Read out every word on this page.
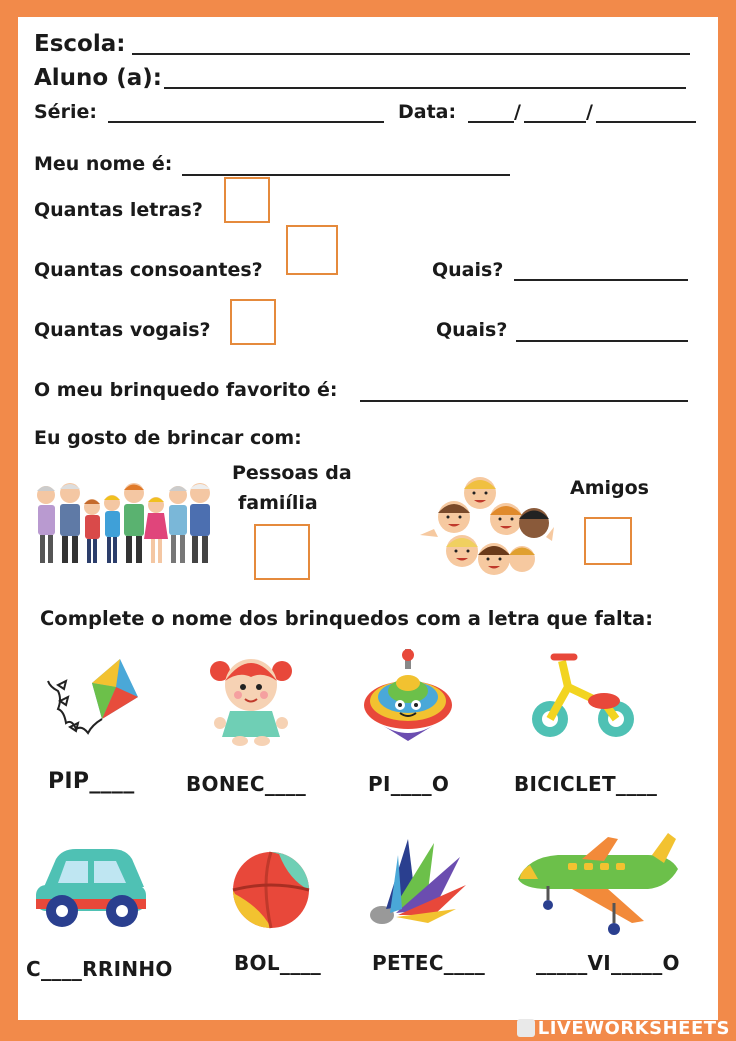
Escola:
Aluno (a):
Série:	Data:	/	/
Meu nome é:
Quantas letras?
Quantas consoantes?	Quais?
Quantas vogais?	Quais?
O meu brinquedo favorito é:
Eu gosto de brincar com:
Pessoas da
famiília
Amigos
Complete o nome dos brinquedos com a letra que falta:
PIP____	BONEC____	PI____O	BICICLET____
C____RRINHO	BOL____	PETEC____	_____VI_____O
LIVEWORKSHEETS
